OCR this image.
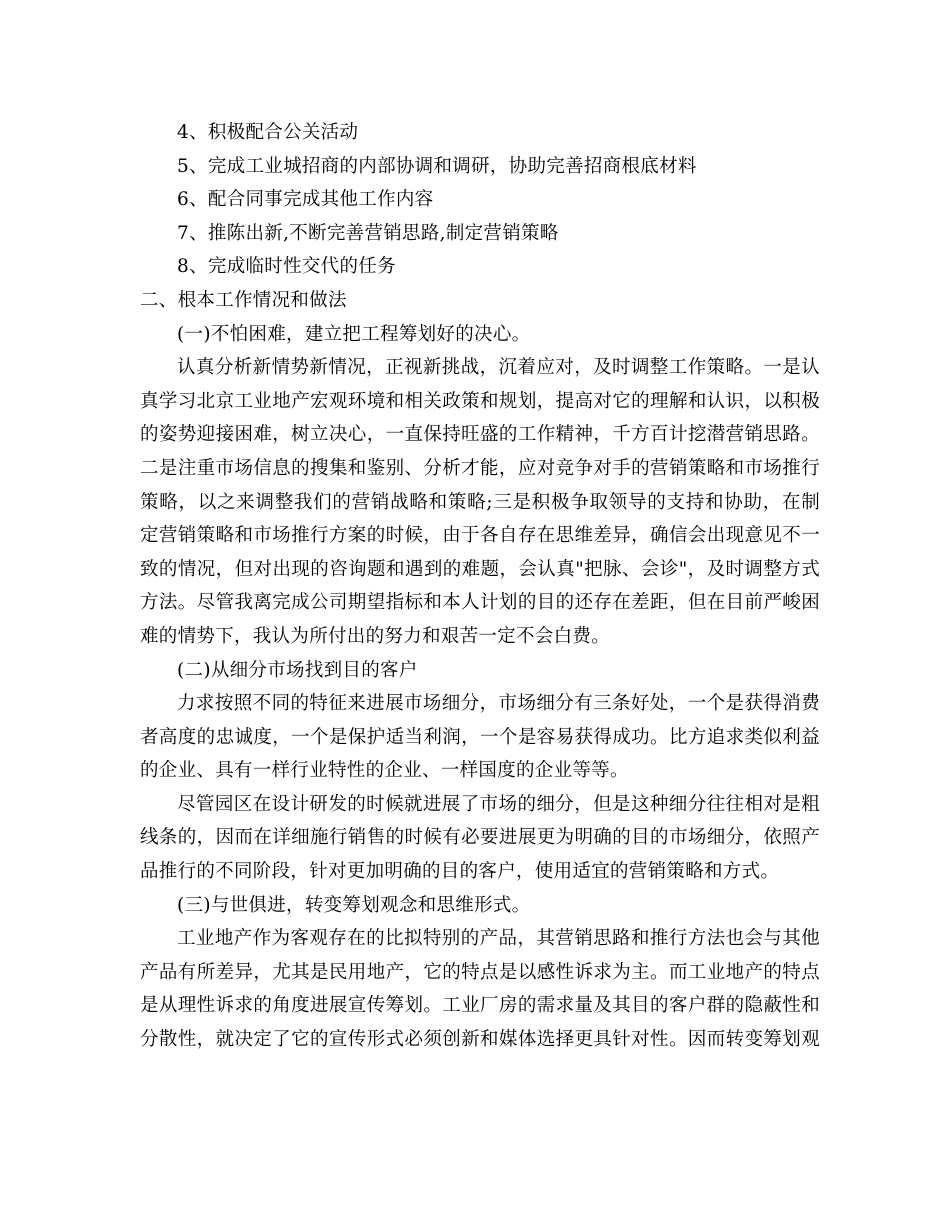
4、积极配合公关活动
5、完成工业城招商的内部协调和调研，协助完善招商根底材料
6、配合同事完成其他工作内容
7、推陈出新,不断完善营销思路,制定营销策略
8、完成临时性交代的任务
二、根本工作情况和做法
(一)不怕困难，建立把工程筹划好的决心。
认真分析新情势新情况，正视新挑战，沉着应对，及时调整工作策略。一是认
真学习北京工业地产宏观环境和相关政策和规划，提高对它的理解和认识，以积极
的姿势迎接困难，树立决心，一直保持旺盛的工作精神，千方百计挖潜营销思路。
二是注重市场信息的搜集和鉴别、分析才能，应对竞争对手的营销策略和市场推行
策略，以之来调整我们的营销战略和策略;三是积极争取领导的支持和协助，在制
定营销策略和市场推行方案的时候，由于各自存在思维差异，确信会出现意见不一
致的情况，但对出现的咨询题和遇到的难题，会认真"把脉、会诊"，及时调整方式
方法。尽管我离完成公司期望指标和本人计划的目的还存在差距，但在目前严峻困
难的情势下，我认为所付出的努力和艰苦一定不会白费。
(二)从细分市场找到目的客户
力求按照不同的特征来进展市场细分，市场细分有三条好处，一个是获得消费
者高度的忠诚度，一个是保护适当利润，一个是容易获得成功。比方追求类似利益
的企业、具有一样行业特性的企业、一样国度的企业等等。
尽管园区在设计研发的时候就进展了市场的细分，但是这种细分往往相对是粗
线条的，因而在详细施行销售的时候有必要进展更为明确的目的市场细分，依照产
品推行的不同阶段，针对更加明确的目的客户，使用适宜的营销策略和方式。
(三)与世俱进，转变筹划观念和思维形式。
工业地产作为客观存在的比拟特别的产品，其营销思路和推行方法也会与其他
产品有所差异，尤其是民用地产，它的特点是以感性诉求为主。而工业地产的特点
是从理性诉求的角度进展宣传筹划。工业厂房的需求量及其目的客户群的隐蔽性和
分散性，就决定了它的宣传形式必须创新和媒体选择更具针对性。因而转变筹划观
